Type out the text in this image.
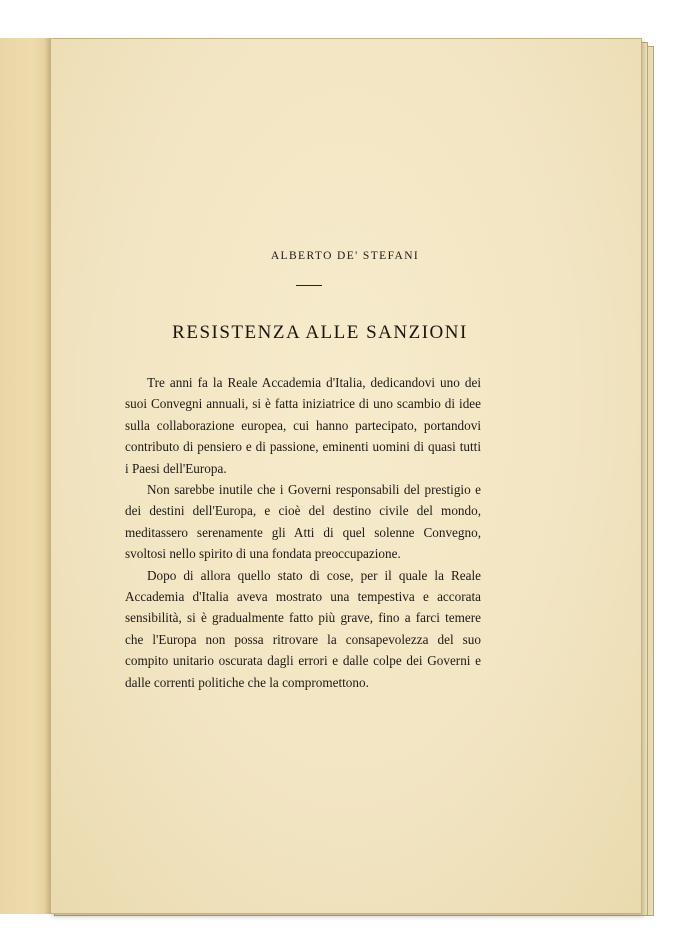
ALBERTO DE' STEFANI
RESISTENZA ALLE SANZIONI

Tre anni fa la Reale Accademia d'Italia, dedicandovi uno dei suoi Convegni annuali, si è fatta iniziatrice di uno scambio di idee sulla collaborazione europea, cui hanno partecipato, portandovi contributo di pensiero e di passione, eminenti uomini di quasi tutti i Paesi dell'Europa.

Non sarebbe inutile che i Governi responsabili del prestigio e dei destini dell'Europa, e cioè del destino civile del mondo, meditassero serenamente gli Atti di quel solenne Convegno, svoltosi nello spirito di una fondata preoccupazione.

Dopo di allora quello stato di cose, per il quale la Reale Accademia d'Italia aveva mostrato una tempestiva e accorata sensibilità, si è gradualmente fatto più grave, fino a farci temere che l'Europa non possa ritrovare la consapevolezza del suo compito unitario oscurata dagli errori e dalle colpe dei Governi e dalle correnti politiche che la compromettono.
